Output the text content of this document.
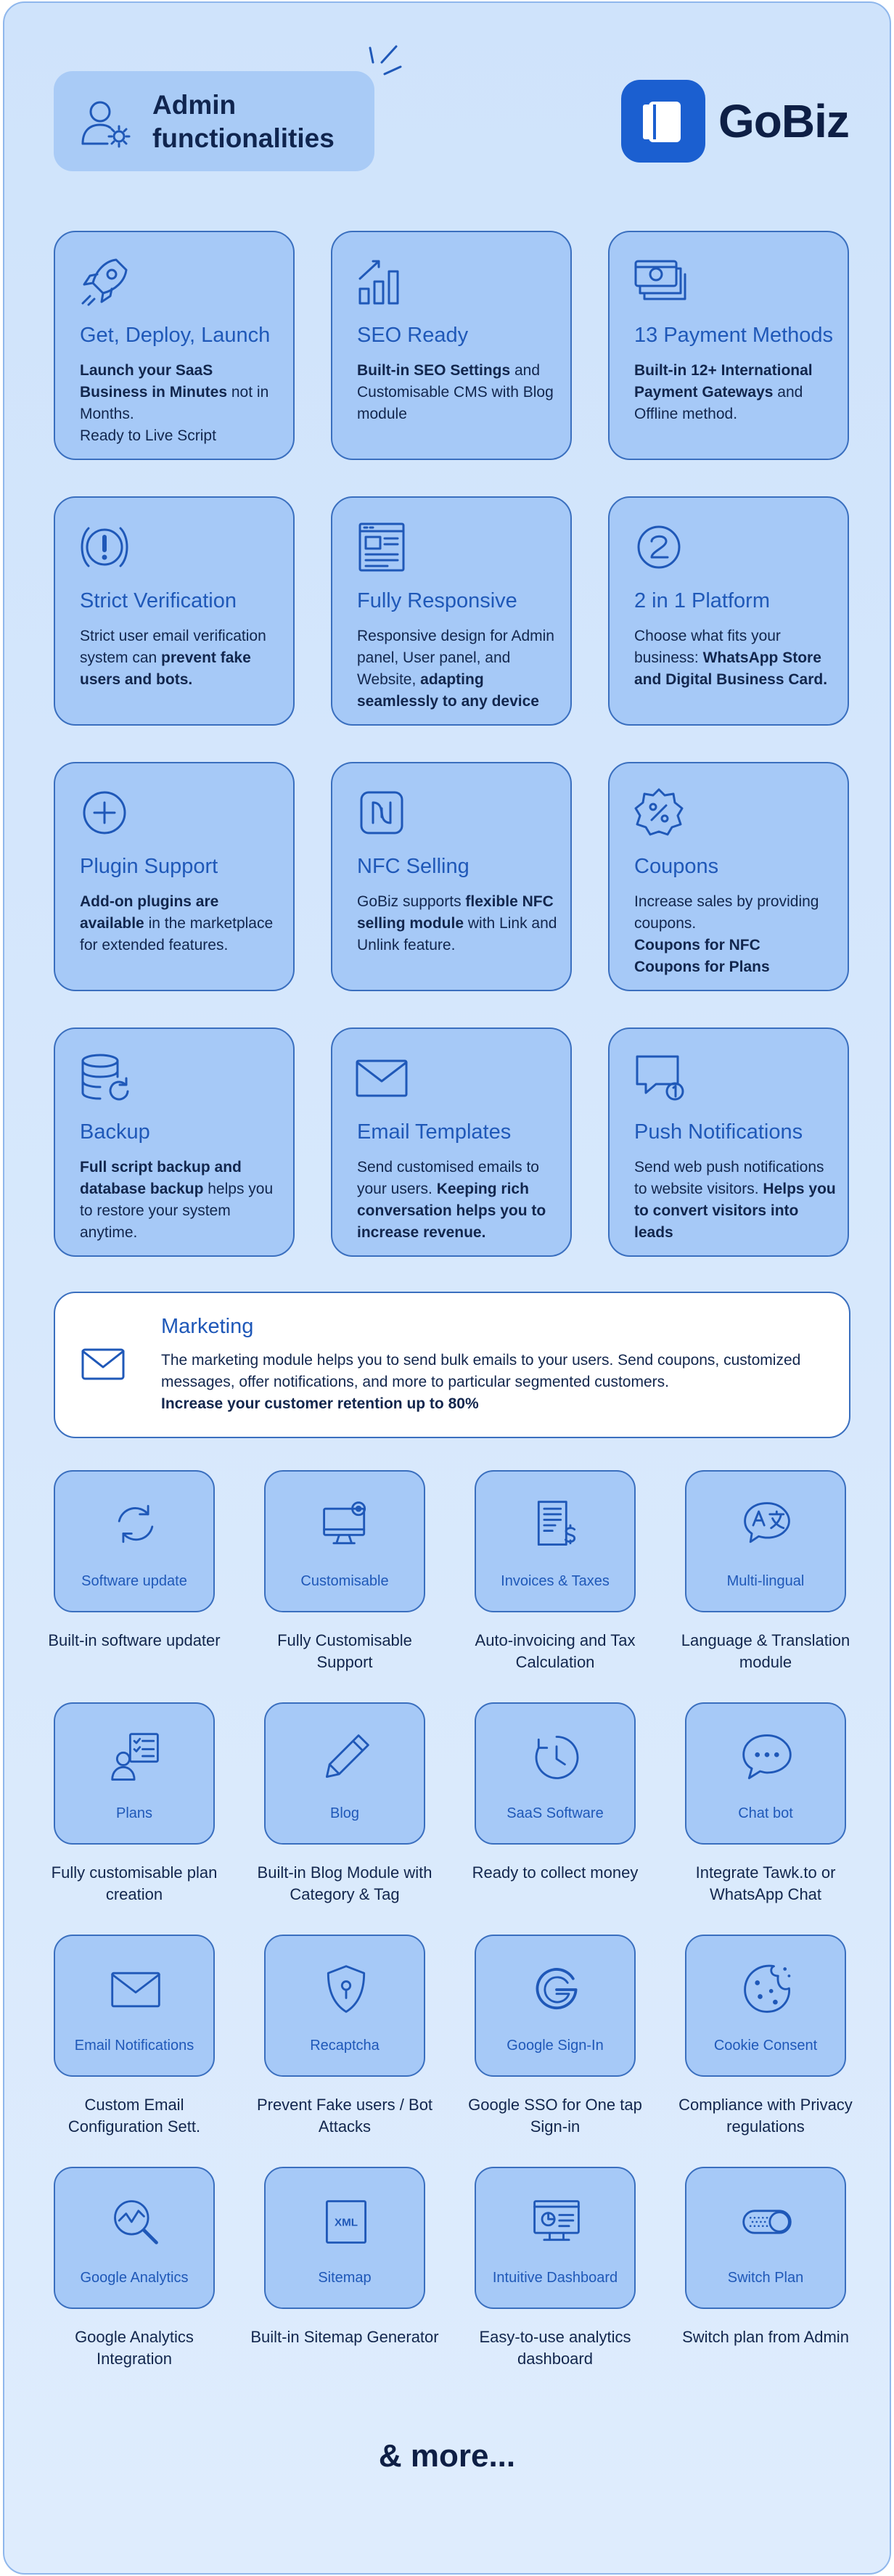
Admin functionalities	GoBiz
Get, Deploy, Launch
Launch your SaaS Business in Minutes not in Months.
Ready to Live Script
SEO Ready
Built-in SEO Settings and Customisable CMS with Blog module
13 Payment Methods
Built-in 12+ International Payment Gateways and Offline method.
Strict Verification
Strict user email verification system can prevent fake users and bots.
Fully Responsive
Responsive design for Admin panel, User panel, and Website, adapting seamlessly to any device
2 in 1 Platform
Choose what fits your business: WhatsApp Store and Digital Business Card.
Plugin Support
Add-on plugins are available in the marketplace for extended features.
NFC Selling
GoBiz supports flexible NFC selling module with Link and Unlink feature.
Coupons
Increase sales by providing coupons.
Coupons for NFC
Coupons for Plans
Backup
Full script backup and database backup helps you to restore your system anytime.
Email Templates
Send customised emails to your users. Keeping rich conversation helps you to increase revenue.
Push Notifications
Send web push notifications to website visitors. Helps you to convert visitors into leads
Marketing
The marketing module helps you to send bulk emails to your users. Send coupons, customized messages, offer notifications, and more to particular segmented customers.
Increase your customer retention up to 80%
Software update
Built-in software updater
Customisable
Fully Customisable Support
Invoices & Taxes
Auto-invoicing and Tax Calculation
Multi-lingual
Language & Translation module
Plans
Fully customisable plan creation
Blog
Built-in Blog Module with Category & Tag
SaaS Software
Ready to collect money
Chat bot
Integrate Tawk.to or WhatsApp Chat
Email Notifications
Custom Email Configuration Sett.
Recaptcha
Prevent Fake users / Bot Attacks
Google Sign-In
Google SSO for One tap Sign-in
Cookie Consent
Compliance with Privacy regulations
Google Analytics
Google Analytics Integration
XML
Sitemap
Built-in Sitemap Generator
Intuitive Dashboard
Easy-to-use analytics dashboard
Switch Plan
Switch plan from Admin
& more...
